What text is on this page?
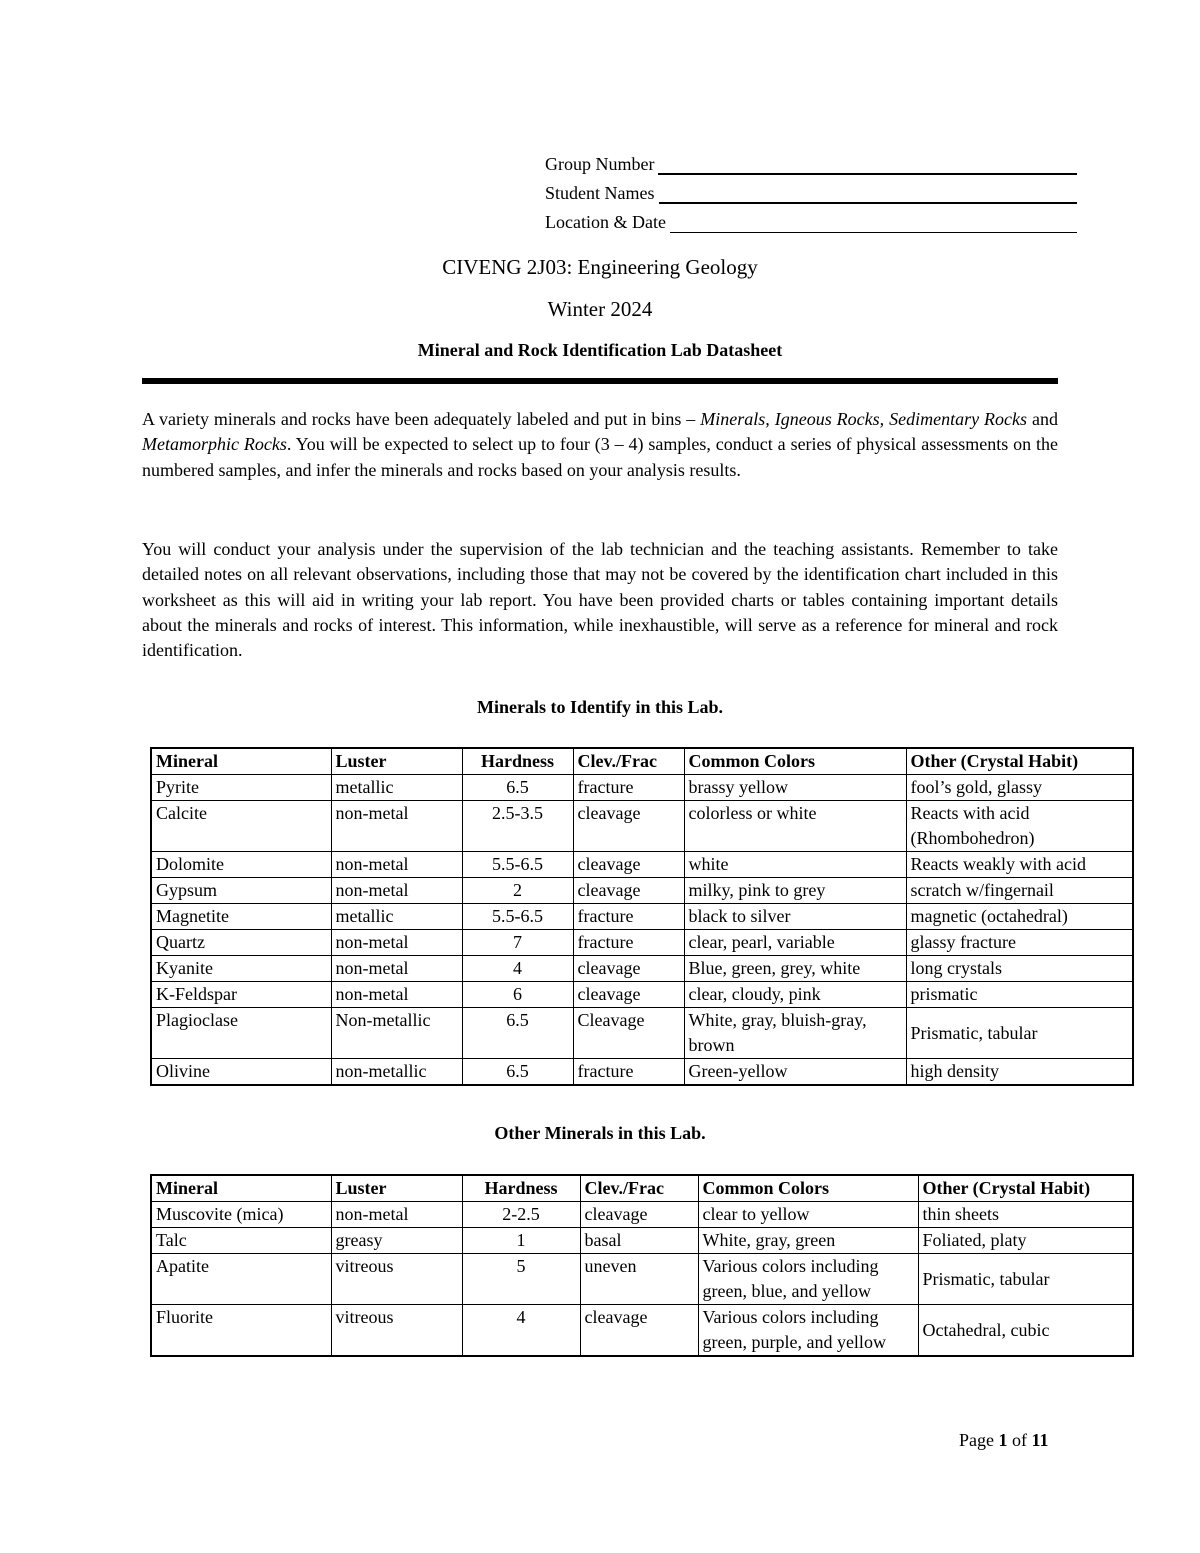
Group Number
Student Names
Location & Date
CIVENG 2J03: Engineering Geology
Winter 2024
Mineral and Rock Identification Lab Datasheet

A variety minerals and rocks have been adequately labeled and put in bins – Minerals, Igneous Rocks, Sedimentary Rocks and Metamorphic Rocks. You will be expected to select up to four (3 – 4) samples, conduct a series of physical assessments on the numbered samples, and infer the minerals and rocks based on your analysis results.

You will conduct your analysis under the supervision of the lab technician and the teaching assistants. Remember to take detailed notes on all relevant observations, including those that may not be covered by the identification chart included in this worksheet as this will aid in writing your lab report. You have been provided charts or tables containing important details about the minerals and rocks of interest. This information, while inexhaustible, will serve as a reference for mineral and rock identification.

Minerals to Identify in this Lab.
Mineral	Luster	Hardness	Clev./Frac	Common Colors	Other (Crystal Habit)
Pyrite	metallic	6.5	fracture	brassy yellow	fool’s gold, glassy
Calcite	non-metal	2.5-3.5	cleavage	colorless or white	Reacts with acid (Rhombohedron)
Dolomite	non-metal	5.5-6.5	cleavage	white	Reacts weakly with acid
Gypsum	non-metal	2	cleavage	milky, pink to grey	scratch w/fingernail
Magnetite	metallic	5.5-6.5	fracture	black to silver	magnetic (octahedral)
Quartz	non-metal	7	fracture	clear, pearl, variable	glassy fracture
Kyanite	non-metal	4	cleavage	Blue, green, grey, white	long crystals
K-Feldspar	non-metal	6	cleavage	clear, cloudy, pink	prismatic
Plagioclase	Non-metallic	6.5	Cleavage	White, gray, bluish-gray, brown	Prismatic, tabular
Olivine	non-metallic	6.5	fracture	Green-yellow	high density
Other Minerals in this Lab.
Mineral	Luster	Hardness	Clev./Frac	Common Colors	Other (Crystal Habit)
Muscovite (mica)	non-metal	2-2.5	cleavage	clear to yellow	thin sheets
Talc	greasy	1	basal	White, gray, green	Foliated, platy
Apatite	vitreous	5	uneven	Various colors including green, blue, and yellow	Prismatic, tabular
Fluorite	vitreous	4	cleavage	Various colors including green, purple, and yellow	Octahedral, cubic
Page 1 of 11
